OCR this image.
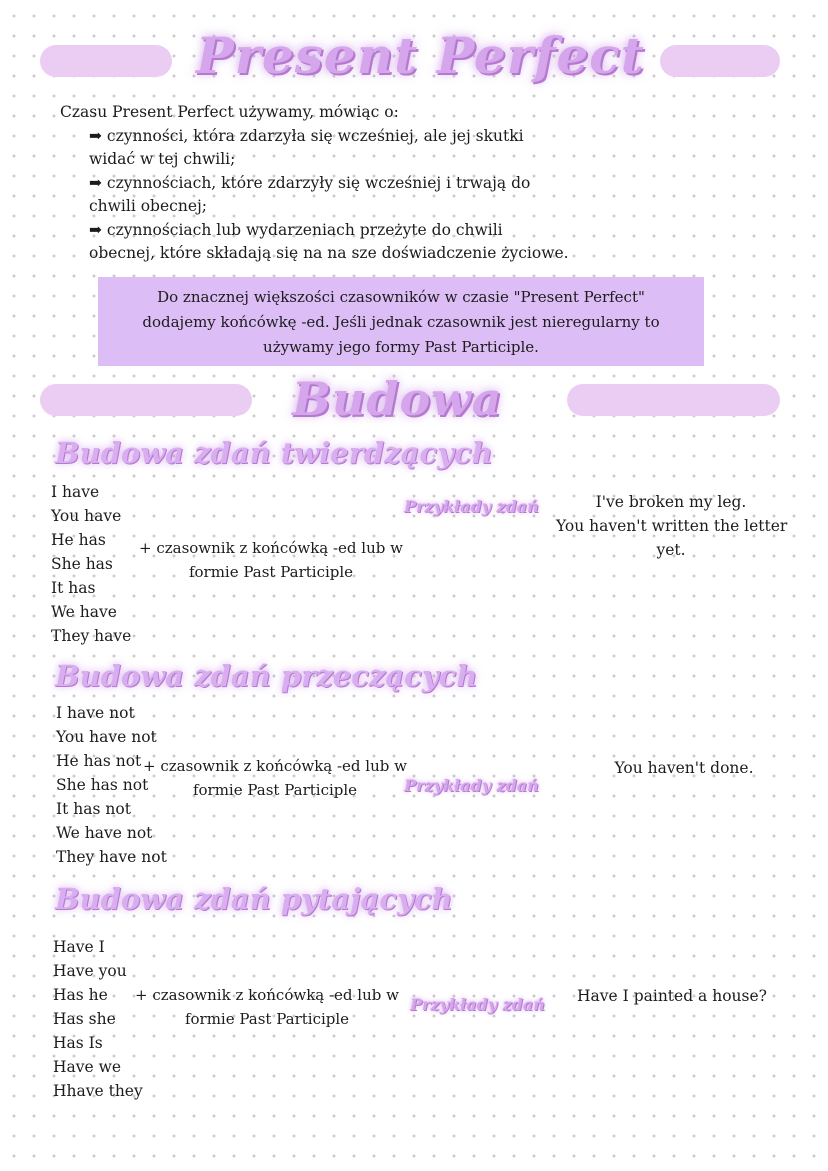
Present Perfect
Czasu Present Perfect używamy, mówiąc o:
➡ czynności, która zdarzyła się wcześniej, ale jej skutki
widać w tej chwili;
➡ czynnościach, które zdarzyły się wcześniej i trwają do
chwili obecnej;
➡ czynnościach lub wydarzeniach przeżyte do chwili
obecnej, które składają się na na sze doświadczenie życiowe.
Do znacznej większości czasowników w czasie "Present Perfect"
dodajemy końcówkę -ed. Jeśli jednak czasownik jest nieregularny to
używamy jego formy Past Participle.
Budowa
Budowa zdań twierdzących
I have
You have
He has
She has
It has
We have
They have
+ czasownik z końcówką -ed lub w
formie Past Participle
Przykłady zdań	I've broken my leg.
You haven't written the letter
yet.
Budowa zdań przeczących
I have not
You have not
He has not
She has not
It has not
We have not
They have not
+ czasownik z końcówką -ed lub w
formie Past Participle	Przykłady zdań
You haven't done.
Budowa zdań pytających
Have I
Have you
Has he
Has she
Has Is
Have we
Hhave they
+ czasownik z końcówką -ed lub w
formie Past Participle
Przykłady zdań Have I painted a house?
